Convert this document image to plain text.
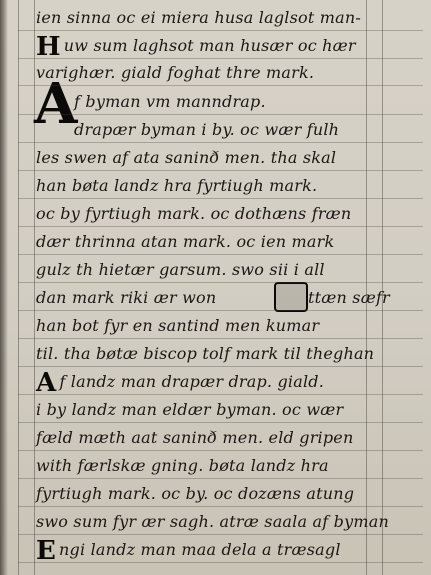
A
ien sinna oc ei miera husa laglsot man-
H uw sum laghsot man husær oc hær
varighær. giald foghat thre mark.
f byman vm manndrap.
drapær byman i by. oc wær fulh
les swen af ata saninð men. tha skal
han bøta landz hra fyrtiugh mark.
oc by fyrtiugh mark. oc dothæns fræn
dær thrinna atan mark. oc ien mark
gulz th hietær garsum. swo sii i all
dan mark riki ær won
han bot fyr en santind men kumar
til. tha bøtæ biscop tolf mark til theghan
A f landz man drapær drap. giald.
i by landz man eldær byman. oc wær
fæld mæth aat saninð men. eld gripen
with færlskæ gning. bøta landz hra
fyrtiugh mark. oc by. oc dozæns atung
swo sum fyr ær sagh. atræ saala af byman
E ngi landz man maa dela a træsagl
ttæn sæfr
